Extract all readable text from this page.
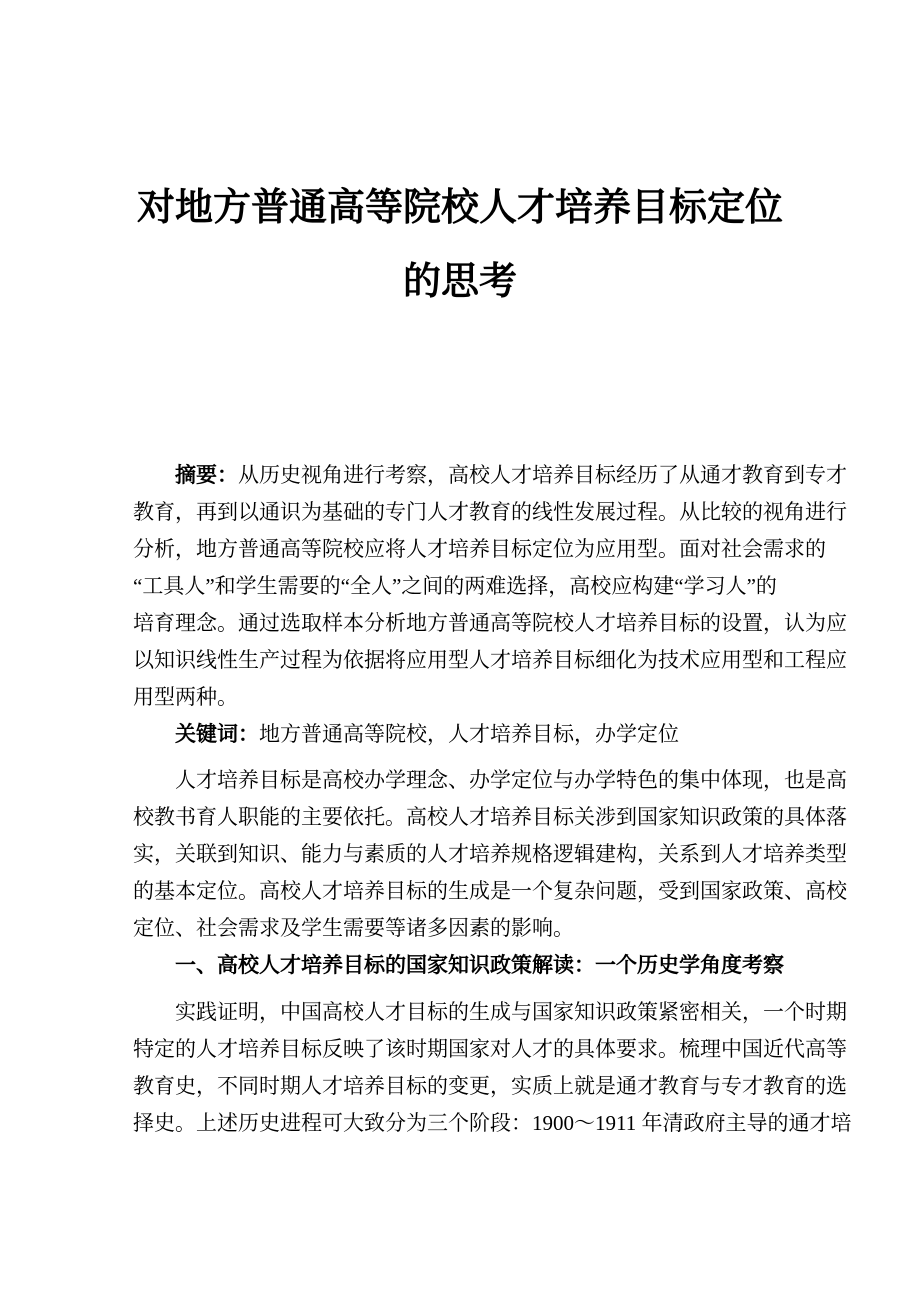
对地方普通高等院校人才培养目标定位
的思考
摘要：从历史视角进行考察，高校人才培养目标经历了从通才教育到专才
教育，再到以通识为基础的专门人才教育的线性发展过程。从比较的视角进行
分析，地方普通高等院校应将人才培养目标定位为应用型。面对社会需求的
“工具人”和学生需要的“全人”之间的两难选择，高校应构建“学习人”的
培育理念。通过选取样本分析地方普通高等院校人才培养目标的设置，认为应
以知识线性生产过程为依据将应用型人才培养目标细化为技术应用型和工程应
用型两种。
关键词：地方普通高等院校，人才培养目标，办学定位
人才培养目标是高校办学理念、办学定位与办学特色的集中体现，也是高
校教书育人职能的主要依托。高校人才培养目标关涉到国家知识政策的具体落
实，关联到知识、能力与素质的人才培养规格逻辑建构，关系到人才培养类型
的基本定位。高校人才培养目标的生成是一个复杂问题，受到国家政策、高校
定位、社会需求及学生需要等诸多因素的影响。
一、高校人才培养目标的国家知识政策解读：一个历史学角度考察
实践证明，中国高校人才目标的生成与国家知识政策紧密相关，一个时期
特定的人才培养目标反映了该时期国家对人才的具体要求。梳理中国近代高等
教育史，不同时期人才培养目标的变更，实质上就是通才教育与专才教育的选
择史。上述历史进程可大致分为三个阶段：1900～1911 年清政府主导的通才培
